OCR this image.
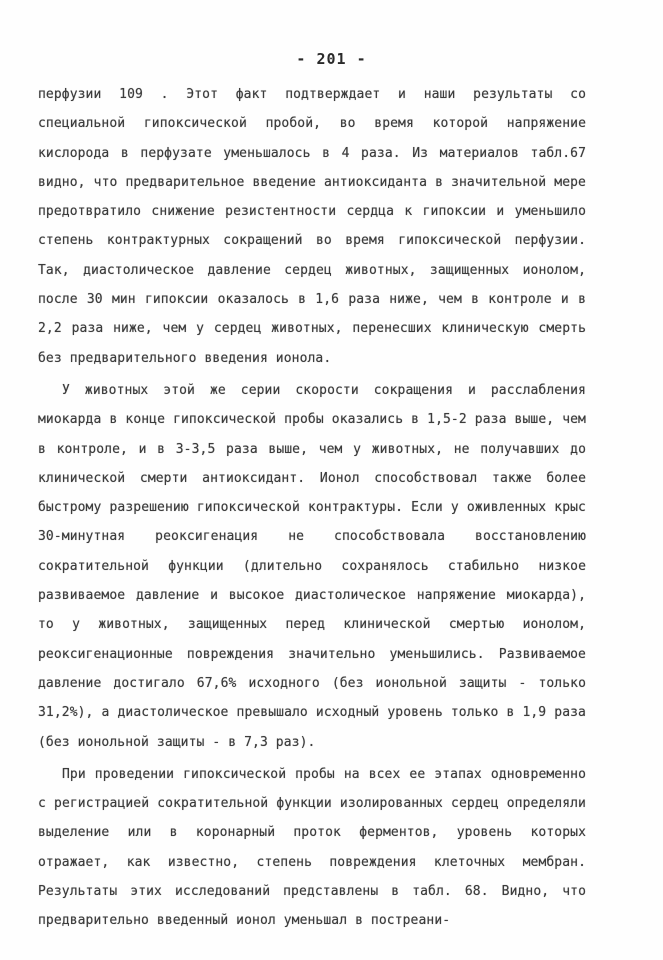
- 201 -

перфузии 109 . Этот факт подтверждает и наши результаты со специальной гипоксической пробой, во время которой напряжение кислорода в перфузате уменьшалось в 4 раза. Из материалов табл.67 видно, что предварительное введение антиоксиданта в значительной мере предотвратило снижение резистентности сердца к гипоксии и уменьшило степень контрактурных сокращений во время гипоксической перфузии. Так, диастолическое давление сердец животных, защищенных ионолом, после 30 мин гипоксии оказалось в 1,6 раза ниже, чем в контроле и в 2,2 раза ниже, чем у сердец животных, перенесших клиническую смерть без предварительного введения ионола.

У животных этой же серии скорости сокращения и расслабления миокарда в конце гипоксической пробы оказались в 1,5-2 раза выше, чем в контроле, и в 3-3,5 раза выше, чем у животных, не получавших до клинической смерти антиоксидант. Ионол способствовал также более быстрому разрешению гипоксической контрактуры. Если у оживленных крыс 30-минутная реоксигенация не способствовала восстановлению сократительной функции (длительно сохранялось стабильно низкое развиваемое давление и высокое диастолическое напряжение миокарда), то у животных, защищенных перед клинической смертью ионолом, реоксигенационные повреждения значительно уменьшились. Развиваемое давление достигало 67,6% исходного (без ионольной защиты - только 31,2%), а диастолическое превышало исходный уровень только в 1,9 раза (без ионольной защиты - в 7,3 раз).

При проведении гипоксической пробы на всех ее этапах одновременно с регистрацией сократительной функции изолированных сердец определяли выделение или в коронарный проток ферментов, уровень которых отражает, как известно, степень повреждения клеточных мембран. Результаты этих исследований представлены в табл. 68. Видно, что предварительно введенный ионол уменьшал в постреани-
